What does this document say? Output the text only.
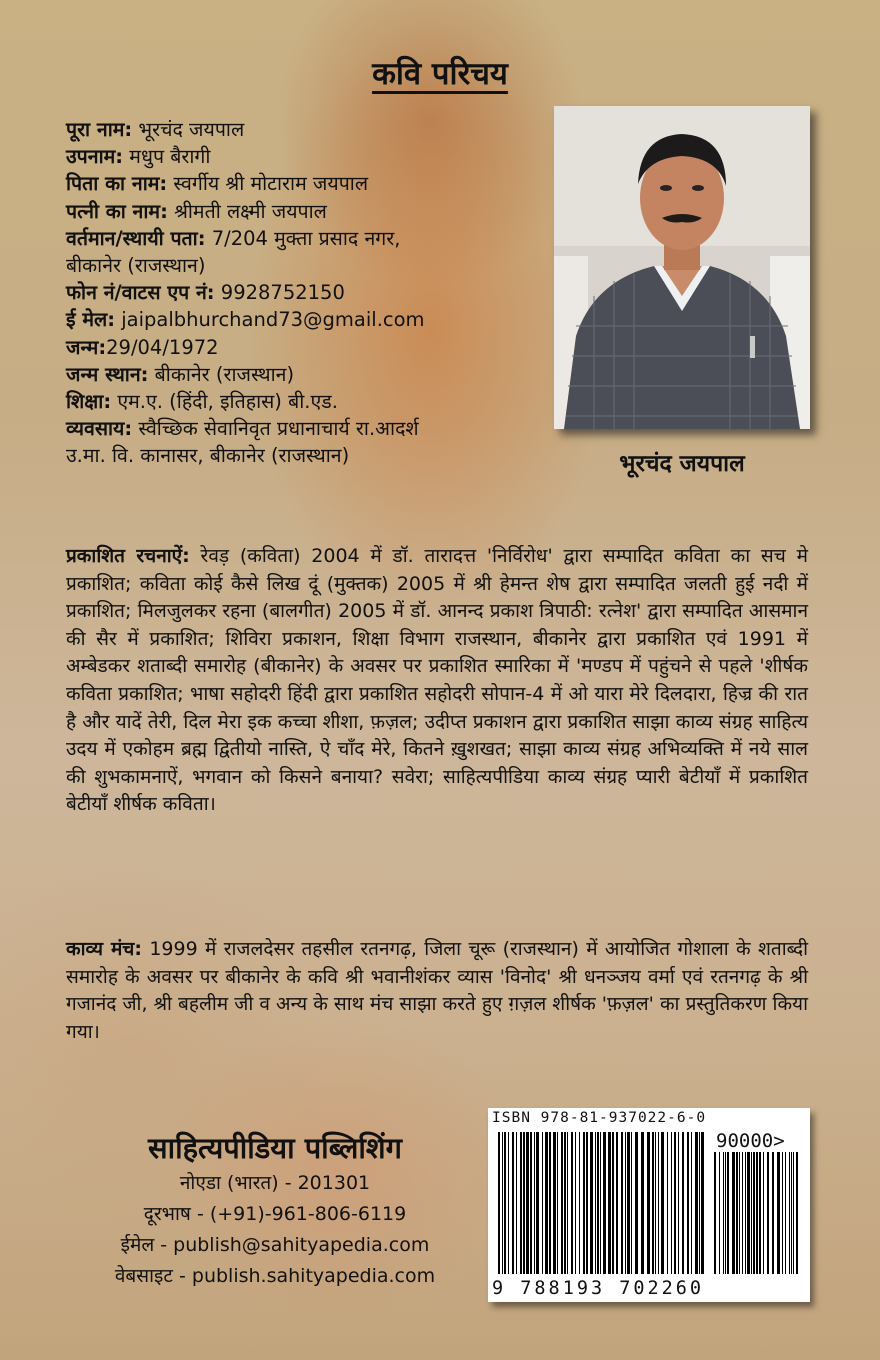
कवि परिचय
पूरा नाम: भूरचंद जयपाल
उपनाम: मधुप बैरागी
पिता का नाम: स्वर्गीय श्री मोटाराम जयपाल
पत्नी का नाम: श्रीमती लक्ष्मी जयपाल
वर्तमान/स्थायी पता: 7/204 मुक्ता प्रसाद नगर,
बीकानेर (राजस्थान)
फोन नं/वाटस एप नं: 9928752150
ई मेल: jaipalbhurchand73@gmail.com
जन्म:29/04/1972
जन्म स्थान: बीकानेर (राजस्थान)
शिक्षा: एम.ए. (हिंदी, इतिहास) बी.एड.
व्यवसाय: स्वैच्छिक सेवानिवृत प्रधानाचार्य रा.आदर्श
उ.मा. वि. कानासर, बीकानेर (राजस्थान)	भूरचंद जयपाल
प्रकाशित रचनाऐं: रेवड़ (कविता) 2004 में डॉ. तारादत्त 'निर्विरोध' द्वारा सम्पादित कविता का सच मे प्रकाशित; कविता कोई कैसे लिख दूं (मुक्तक) 2005 में श्री हेमन्त शेष द्वारा सम्पादित जलती हुई नदी में प्रकाशित; मिलजुलकर रहना (बालगीत) 2005 में डॉ. आनन्द प्रकाश त्रिपाठी: रत्नेश' द्वारा सम्पादित आसमान की सैर में प्रकाशित; शिविरा प्रकाशन, शिक्षा विभाग राजस्थान, बीकानेर द्वारा प्रकाशित एवं 1991 में अम्बेडकर शताब्दी समारोह (बीकानेर) के अवसर पर प्रकाशित स्मारिका में 'मण्डप में पहुंचने से पहले 'शीर्षक कविता प्रकाशित; भाषा सहोदरी हिंदी द्वारा प्रकाशित सहोदरी सोपान-4 में ओ यारा मेरे दिलदारा, हिज्र की रात है और यादें तेरी, दिल मेरा इक कच्चा शीशा, फ़ज़ल; उदीप्त प्रकाशन द्वारा प्रकाशित साझा काव्य संग्रह साहित्य उदय में एकोहम ब्रह्म द्वितीयो नास्ति, ऐ चाँद मेरे, कितने ख़ुशखत; साझा काव्य संग्रह अभिव्यक्ति में नये साल की शुभकामनाऐं, भगवान को किसने बनाया? सवेरा; साहित्यपीडिया काव्य संग्रह प्यारी बेटीयाँ में प्रकाशित बेटीयाँ शीर्षक कविता।
काव्य मंच: 1999 में राजलदेसर तहसील रतनगढ़, जिला चूरू (राजस्थान) में आयोजित गोशाला के शताब्दी समारोह के अवसर पर बीकानेर के कवि श्री भवानीशंकर व्यास 'विनोद' श्री धनञ्जय वर्मा एवं रतनगढ़ के श्री गजानंद जी, श्री बहलीम जी व अन्य के साथ मंच साझा करते हुए ग़ज़ल शीर्षक 'फ़ज़ल' का प्रस्तुतिकरण किया गया।
साहित्यपीडिया पब्लिशिंग
नोएडा (भारत) - 201301
दूरभाष - (+91)-961-806-6119
ईमेल - publish@sahityapedia.com
वेबसाइट - publish.sahityapedia.com
ISBN 978-81-937022-6-0
90000>
9 788193 702260
